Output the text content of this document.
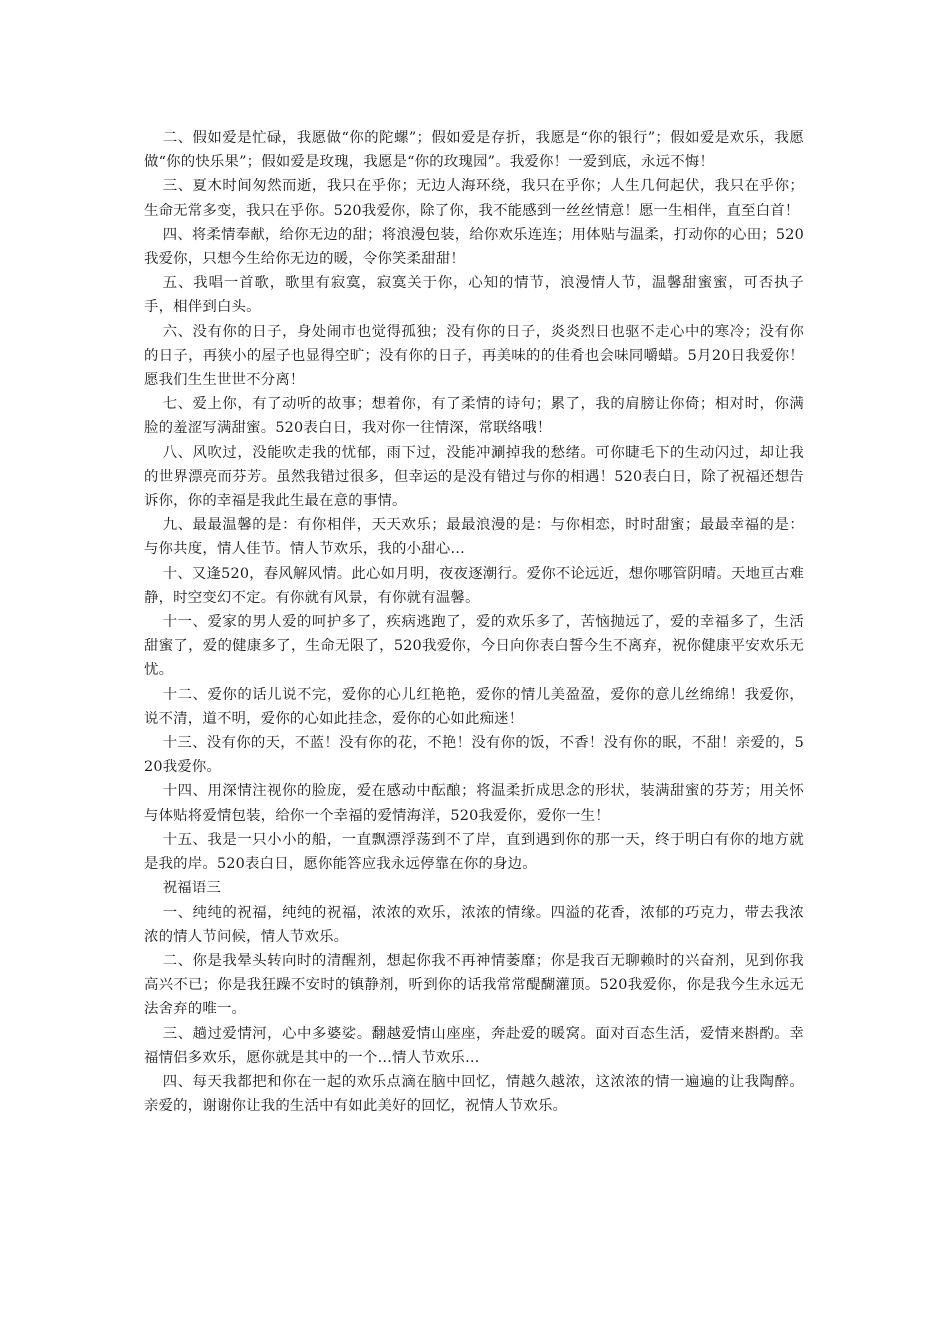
二、假如爱是忙碌，我愿做“你的陀螺”；假如爱是存折，我愿是“你的银行”；假如爱是欢乐，我愿做“你的快乐果”；假如爱是玫瑰，我愿是“你的玫瑰园”。我爱你！一爱到底，永远不悔！

三、夏木时间匆然而逝，我只在乎你；无边人海环绕，我只在乎你；人生几何起伏，我只在乎你；生命无常多变，我只在乎你。520我爱你，除了你，我不能感到一丝丝情意！愿一生相伴，直至白首！

四、将柔情奉献，给你无边的甜；将浪漫包装，给你欢乐连连；用体贴与温柔，打动你的心田；520我爱你，只想今生给你无边的暖，令你笑柔甜甜！

五、我唱一首歌，歌里有寂寞，寂寞关于你，心知的情节，浪漫情人节，温馨甜蜜蜜，可否执子手，相伴到白头。

六、没有你的日子，身处闹市也觉得孤独；没有你的日子，炎炎烈日也驱不走心中的寒冷；没有你的日子，再狭小的屋子也显得空旷；没有你的日子，再美味的的佳肴也会味同嚼蜡。5月20日我爱你！愿我们生生世世不分离！

七、爱上你，有了动听的故事；想着你，有了柔情的诗句；累了，我的肩膀让你倚；相对时，你满脸的羞涩写满甜蜜。520表白日，我对你一往情深，常联络哦！

八、风吹过，没能吹走我的忧郁，雨下过，没能冲涮掉我的愁绪。可你睫毛下的生动闪过，却让我的世界漂亮而芬芳。虽然我错过很多，但幸运的是没有错过与你的相遇！520表白日，除了祝福还想告诉你，你的幸福是我此生最在意的事情。

九、最最温馨的是：有你相伴，天天欢乐；最最浪漫的是：与你相恋，时时甜蜜；最最幸福的是：与你共度，情人佳节。情人节欢乐，我的小甜心…

十、又逢520，春风解风情。此心如月明，夜夜逐潮行。爱你不论远近，想你哪管阴晴。天地亘古难静，时空变幻不定。有你就有风景，有你就有温馨。

十一、爱家的男人爱的呵护多了，疾病逃跑了，爱的欢乐多了，苦恼抛远了，爱的幸福多了，生活甜蜜了，爱的健康多了，生命无限了，520我爱你，今日向你表白誓今生不离弃，祝你健康平安欢乐无忧。

十二、爱你的话儿说不完，爱你的心儿红艳艳，爱你的情儿美盈盈，爱你的意儿丝绵绵！我爱你，说不清，道不明，爱你的心如此挂念，爱你的心如此痴迷！

十三、没有你的天，不蓝！没有你的花，不艳！没有你的饭，不香！没有你的眠，不甜！亲爱的，520我爱你。

十四、用深情注视你的脸庞，爱在感动中酝酿；将温柔折成思念的形状，装满甜蜜的芬芳；用关怀与体贴将爱情包装，给你一个幸福的爱情海洋，520我爱你，爱你一生！

十五、我是一只小小的船，一直飘漂浮荡到不了岸，直到遇到你的那一天，终于明白有你的地方就是我的岸。520表白日，愿你能答应我永远停靠在你的身边。

祝福语三

一、纯纯的祝福，纯纯的祝福，浓浓的欢乐，浓浓的情缘。四溢的花香，浓郁的巧克力，带去我浓浓的情人节问候，情人节欢乐。

二、你是我晕头转向时的清醒剂，想起你我不再神情萎靡；你是我百无聊赖时的兴奋剂，见到你我高兴不已；你是我狂躁不安时的镇静剂，听到你的话我常常醍醐灌顶。520我爱你，你是我今生永远无法舍弃的唯一。

三、趟过爱情河，心中多婆娑。翻越爱情山座座，奔赴爱的暖窝。面对百态生活，爱情来斟酌。幸福情侣多欢乐，愿你就是其中的一个…情人节欢乐…

四、每天我都把和你在一起的欢乐点滴在脑中回忆，情越久越浓，这浓浓的情一遍遍的让我陶醉。亲爱的，谢谢你让我的生活中有如此美好的回忆，祝情人节欢乐。
